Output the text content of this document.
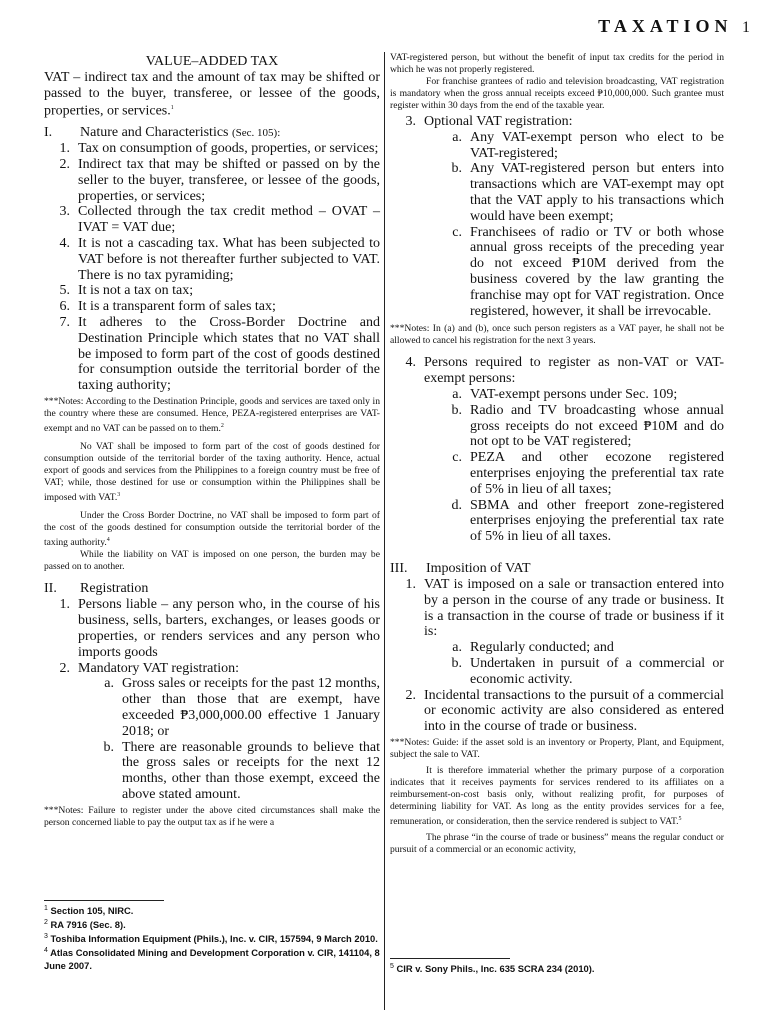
TAXATION 1

VALUE–ADDED TAX

VAT – indirect tax and the amount of tax may be shifted or passed to the buyer, transferee, or lessee of the goods, properties, or services.$^1$

I.	Nature and Characteristics (Sec. 105):
1. Tax on consumption of goods, properties, or services;
2. Indirect tax that may be shifted or passed on by the seller to the buyer, transferee, or lessee of the goods, properties, or services;
3. Collected through the tax credit method – OVAT – IVAT = VAT due;
4. It is not a cascading tax. What has been subjected to VAT before is not thereafter further subjected to VAT. There is no tax pyramiding;
5. It is not a tax on tax;
6. It is a transparent form of sales tax;
7. It adheres to the Cross-Border Doctrine and Destination Principle which states that no VAT shall be imposed to form part of the cost of goods destined for consumption outside the territorial border of the taxing authority;

***Notes: According to the Destination Principle, goods and services are taxed only in the country where these are consumed. Hence, PEZA-registered enterprises are VAT-exempt and no VAT can be passed on to them.$^2$

No VAT shall be imposed to form part of the cost of goods destined for consumption outside of the territorial border of the taxing authority. Hence, actual export of goods and services from the Philippines to a foreign country must be free of VAT; while, those destined for use or consumption within the Philippines shall be imposed with VAT.$^3$

Under the Cross Border Doctrine, no VAT shall be imposed to form part of the cost of the goods destined for consumption outside the territorial border of the taxing authority.$^4$

While the liability on VAT is imposed on one person, the burden may be passed on to another.

II.	Registration
1. Persons liable – any person who, in the course of his business, sells, barters, exchanges, or leases goods or properties, or renders services and any person who imports goods
2. Mandatory VAT registration:
a. Gross sales or receipts for the past 12 months, other than those that are exempt, have exceeded ₱3,000,000.00 effective 1 January 2018; or
b. There are reasonable grounds to believe that the gross sales or receipts for the next 12 months, other than those exempt, exceed the above stated amount.

***Notes: Failure to register under the above cited circumstances shall make the person concerned liable to pay the output tax as if he were a

$^1$ Section 105, NIRC.

$^2$ RA 7916 (Sec. 8).

$^3$ Toshiba Information Equipment (Phils.), Inc. v. CIR, 157594, 9 March 2010.

$^4$ Atlas Consolidated Mining and Development Corporation v. CIR, 141104, 8 June 2007.

VAT-registered person, but without the benefit of input tax credits for the period in which he was not properly registered.

For franchise grantees of radio and television broadcasting, VAT registration is mandatory when the gross annual receipts exceed ₱10,000,000. Such grantee must register within 30 days from the end of the taxable year.

3. Optional VAT registration:
a. Any VAT-exempt person who elect to be VAT-registered;
b. Any VAT-registered person but enters into transactions which are VAT-exempt may opt that the VAT apply to his transactions which would have been exempt;
c. Franchisees of radio or TV or both whose annual gross receipts of the preceding year do not exceed ₱10M derived from the business covered by the law granting the franchise may opt for VAT registration. Once registered, however, it shall be irrevocable.

***Notes: In (a) and (b), once such person registers as a VAT payer, he shall not be allowed to cancel his registration for the next 3 years.

4. Persons required to register as non-VAT or VAT-exempt persons:
a. VAT-exempt persons under Sec. 109;
b. Radio and TV broadcasting whose annual gross receipts do not exceed ₱10M and do not opt to be VAT registered;
c. PEZA and other ecozone registered enterprises enjoying the preferential tax rate of 5% in lieu of all taxes;
d. SBMA and other freeport zone-registered enterprises enjoying the preferential tax rate of 5% in lieu of all taxes.
III.	Imposition of VAT
1. VAT is imposed on a sale or transaction entered into by a person in the course of any trade or business. It is a transaction in the course of trade or business if it is:
a. Regularly conducted; and
b. Undertaken in pursuit of a commercial or economic activity.
2. Incidental transactions to the pursuit of a commercial or economic activity are also considered as entered into in the course of trade or business.

***Notes: Guide: if the asset sold is an inventory or Property, Plant, and Equipment, subject the sale to VAT.

It is therefore immaterial whether the primary purpose of a corporation indicates that it receives payments for services rendered to its affiliates on a reimbursement-on-cost basis only, without realizing profit, for purposes of determining liability for VAT. As long as the entity provides services for a fee, remuneration, or consideration, then the service rendered is subject to VAT.$^5$

The phrase “in the course of trade or business” means the regular conduct or pursuit of a commercial or an economic activity,

$^5$ CIR v. Sony Phils., Inc. 635 SCRA 234 (2010).
